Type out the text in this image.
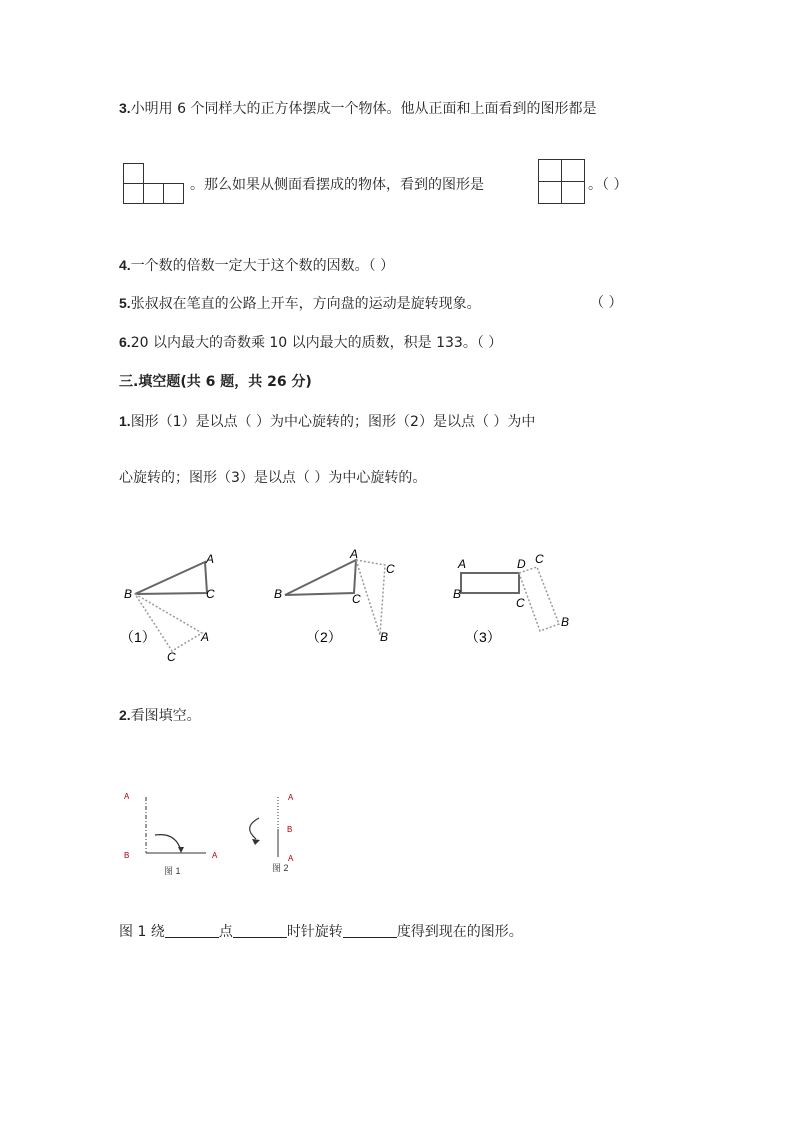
3.小明用 6 个同样大的正方体摆成一个物体。他从正面和上面看到的图形都是
。那么如果从侧面看摆成的物体，看到的图形是	。（ ）
4.一个数的倍数一定大于这个数的因数。（ ）
5.张叔叔在笔直的公路上开车，方向盘的运动是旋转现象。	（ ）
6.20 以内最大的奇数乘 10 以内最大的质数，积是 133。（ ）
三.填空题(共 6 题，共 26 分)
1.图形（1）是以点（ ）为中心旋转的；图形（2）是以点（ ）为中
心旋转的；图形（3）是以点（ ）为中心旋转的。
A
B	C
A
C
（1）
A
B	C
C
B
（2）
A
B
C
D C
B
（3）
2.看图填空。
A
B	A
图 1
A
B
A
图 2
图 1 绕	点	时针旋转	度得到现在的图形。
